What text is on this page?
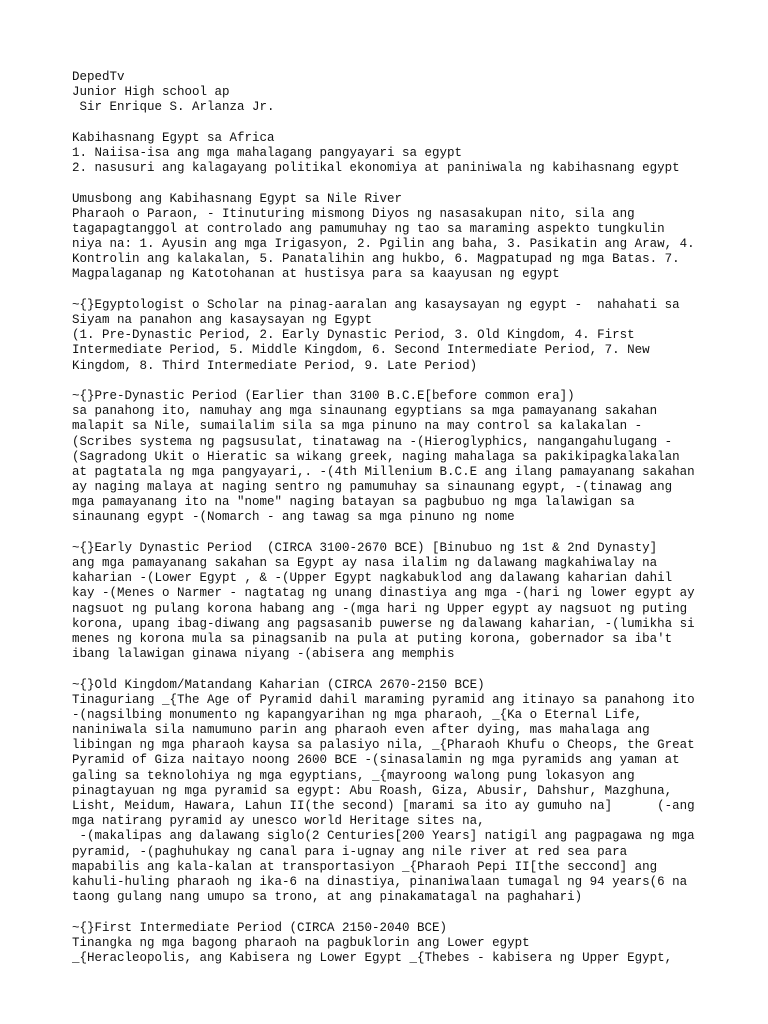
DepedTv
Junior High school ap
Sir Enrique S. Arlanza Jr.
Kabihasnang Egypt sa Africa
1. Naiisa-isa ang mga mahalagang pangyayari sa egypt
2. nasusuri ang kalagayang politikal ekonomiya at paniniwala ng kabihasnang egypt
Umusbong ang Kabihasnang Egypt sa Nile River
Pharaoh o Paraon, - Itinuturing mismong Diyos ng nasasakupan nito, sila ang
tagapagtanggol at controlado ang pamumuhay ng tao sa maraming aspekto tungkulin
niya na: 1. Ayusin ang mga Irigasyon, 2. Pgilin ang baha, 3. Pasikatin ang Araw, 4.
Kontrolin ang kalakalan, 5. Panatalihin ang hukbo, 6. Magpatupad ng mga Batas. 7.
Magpalaganap ng Katotohanan at hustisya para sa kaayusan ng egypt
~{}Egyptologist o Scholar na pinag-aaralan ang kasaysayan ng egypt -  nahahati sa
Siyam na panahon ang kasaysayan ng Egypt
(1. Pre-Dynastic Period, 2. Early Dynastic Period, 3. Old Kingdom, 4. First
Intermediate Period, 5. Middle Kingdom, 6. Second Intermediate Period, 7. New
Kingdom, 8. Third Intermediate Period, 9. Late Period)
~{}Pre-Dynastic Period (Earlier than 3100 B.C.E[before common era])
sa panahong ito, namuhay ang mga sinaunang egyptians sa mga pamayanang sakahan
malapit sa Nile, sumailalim sila sa mga pinuno na may control sa kalakalan -
(Scribes systema ng pagsusulat, tinatawag na -(Hieroglyphics, nangangahulugang -
(Sagradong Ukit o Hieratic sa wikang greek, naging mahalaga sa pakikipagkalakalan
at pagtatala ng mga pangyayari,. -(4th Millenium B.C.E ang ilang pamayanang sakahan
ay naging malaya at naging sentro ng pamumuhay sa sinaunang egypt, -(tinawag ang
mga pamayanang ito na "nome" naging batayan sa pagbubuo ng mga lalawigan sa
sinaunang egypt -(Nomarch - ang tawag sa mga pinuno ng nome
~{}Early Dynastic Period  (CIRCA 3100-2670 BCE) [Binubuo ng 1st & 2nd Dynasty]
ang mga pamayanang sakahan sa Egypt ay nasa ilalim ng dalawang magkahiwalay na
kaharian -(Lower Egypt , & -(Upper Egypt nagkabuklod ang dalawang kaharian dahil
kay -(Menes o Narmer - nagtatag ng unang dinastiya ang mga -(hari ng lower egypt ay
nagsuot ng pulang korona habang ang -(mga hari ng Upper egypt ay nagsuot ng puting
korona, upang ibag-diwang ang pagsasanib puwerse ng dalawang kaharian, -(lumikha si
menes ng korona mula sa pinagsanib na pula at puting korona, gobernador sa iba't
ibang lalawigan ginawa niyang -(abisera ang memphis
~{}Old Kingdom/Matandang Kaharian (CIRCA 2670-2150 BCE)
Tinaguriang _{The Age of Pyramid dahil maraming pyramid ang itinayo sa panahong ito
-(nagsilbing monumento ng kapangyarihan ng mga pharaoh, _{Ka o Eternal Life,
naniniwala sila namumuno parin ang pharaoh even after dying, mas mahalaga ang
libingan ng mga pharaoh kaysa sa palasiyo nila, _{Pharaoh Khufu o Cheops, the Great
Pyramid of Giza naitayo noong 2600 BCE -(sinasalamin ng mga pyramids ang yaman at
galing sa teknolohiya ng mga egyptians, _{mayroong walong pung lokasyon ang
pinagtayuan ng mga pyramid sa egypt: Abu Roash, Giza, Abusir, Dahshur, Mazghuna,
Lisht, Meidum, Hawara, Lahun II(the second) [marami sa ito ay gumuho na]      (-ang
mga natirang pyramid ay unesco world Heritage sites na,
-(makalipas ang dalawang siglo(2 Centuries[200 Years] natigil ang pagpagawa ng mga
pyramid, -(paghuhukay ng canal para i-ugnay ang nile river at red sea para
mapabilis ang kala-kalan at transportasiyon _{Pharaoh Pepi II[the seccond] ang
kahuli-huling pharaoh ng ika-6 na dinastiya, pinaniwalaan tumagal ng 94 years(6 na
taong gulang nang umupo sa trono, at ang pinakamatagal na paghahari)
~{}First Intermediate Period (CIRCA 2150-2040 BCE)
Tinangka ng mga bagong pharaoh na pagbuklorin ang Lower egypt
_{Heracleopolis, ang Kabisera ng Lower Egypt _{Thebes - kabisera ng Upper Egypt,
